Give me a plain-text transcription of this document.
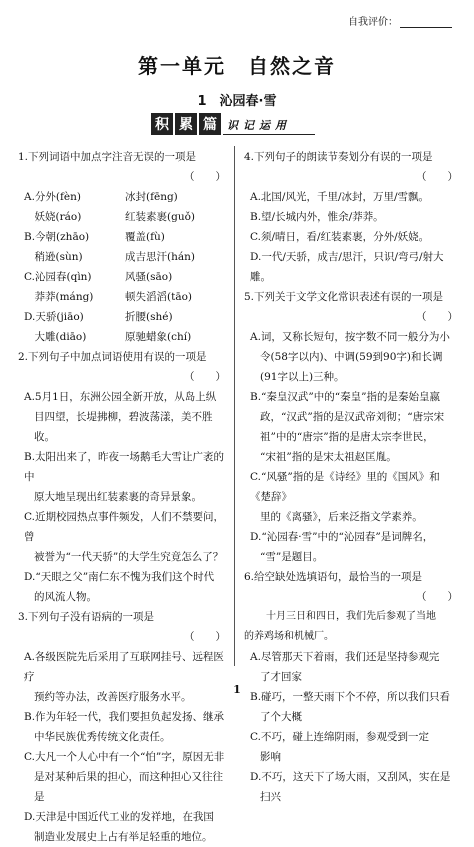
自我评价：
第一单元　自然之音
1　沁园春·雪
积 累 篇 识记运用

1.下列词语中加点字注音无误的一项是

（　　）

A.分外(fèn)	冰封(fēng)
　妖娆(ráo)	红装素裹(guǒ)
B.今朝(zhāo)	覆盖(fù)
　稍逊(sùn)	成吉思汗(hán)
C.沁园春(qìn)	风骚(sāo)
　莽莽(máng)	顿失滔滔(tāo)
D.天骄(jiāo)	折腰(shé)
　大雕(diāo)	原驰蜡象(chí)

2.下列句子中加点词语使用有误的一项是

（　　）

A.5月1日，东洲公园全新开放，从岛上纵

目四望，长堤拂柳，碧波荡漾，美不胜收。

B.太阳出来了，昨夜一场鹅毛大雪让广袤的中

原大地呈现出红装素裹的奇异景象。

C.近期校园热点事件频发，人们不禁要问，曾

被誉为“一代天骄”的大学生究竟怎么了？

D.“天眼之父”南仁东不愧为我们这个时代

的风流人物。

3.下列句子没有语病的一项是

（　　）

A.各级医院先后采用了互联网挂号、远程医疗

预约等办法，改善医疗服务水平。

B.作为年轻一代，我们要担负起发扬、继承

中华民族优秀传统文化责任。

C.大凡一个人心中有一个“怕”字，原因无非

是对某种后果的担心，而这种担心又往往是

D.天津是中国近代工业的发祥地，在我国

制造业发展史上占有举足轻重的地位。

4.下列句子的朗读节奏划分有误的一项是

（　　）

A.北国/风光，千里/冰封，万里/雪飘。

B.望/长城内外，惟余/莽莽。

C.须/晴日，看/红装素裹，分外/妖娆。

D.一代/天骄，成吉/思汗，只识/弯弓/射大雕。

5.下列关于文学文化常识表述有误的一项是

（　　）

A.词，又称长短句，按字数不同一般分为小

令(58字以内)、中调(59到90字)和长调

(91字以上)三种。

B.“秦皇汉武”中的“秦皇”指的是秦始皇嬴

政，“汉武”指的是汉武帝刘彻；“唐宗宋

祖”中的“唐宗”指的是唐太宗李世民，

“宋祖”指的是宋太祖赵匡胤。

C.“风骚”指的是《诗经》里的《国风》和《楚辞》

里的《离骚》，后来泛指文学素养。

D.“沁园春·雪”中的“沁园春”是词牌名，

“雪”是题目。

6.给空缺处选填语句，最恰当的一项是

（　　）

十月三日和四日，我们先后参观了当地

的养鸡场和机械厂。

A.尽管那天下着雨，我们还是坚持参观完

了才回家

B.碰巧，一整天雨下个不停，所以我们只看

了个大概

C.不巧，碰上连绵阴雨，参观受到一定

影响

D.不巧，这天下了场大雨，又刮风，实在是

扫兴

1
